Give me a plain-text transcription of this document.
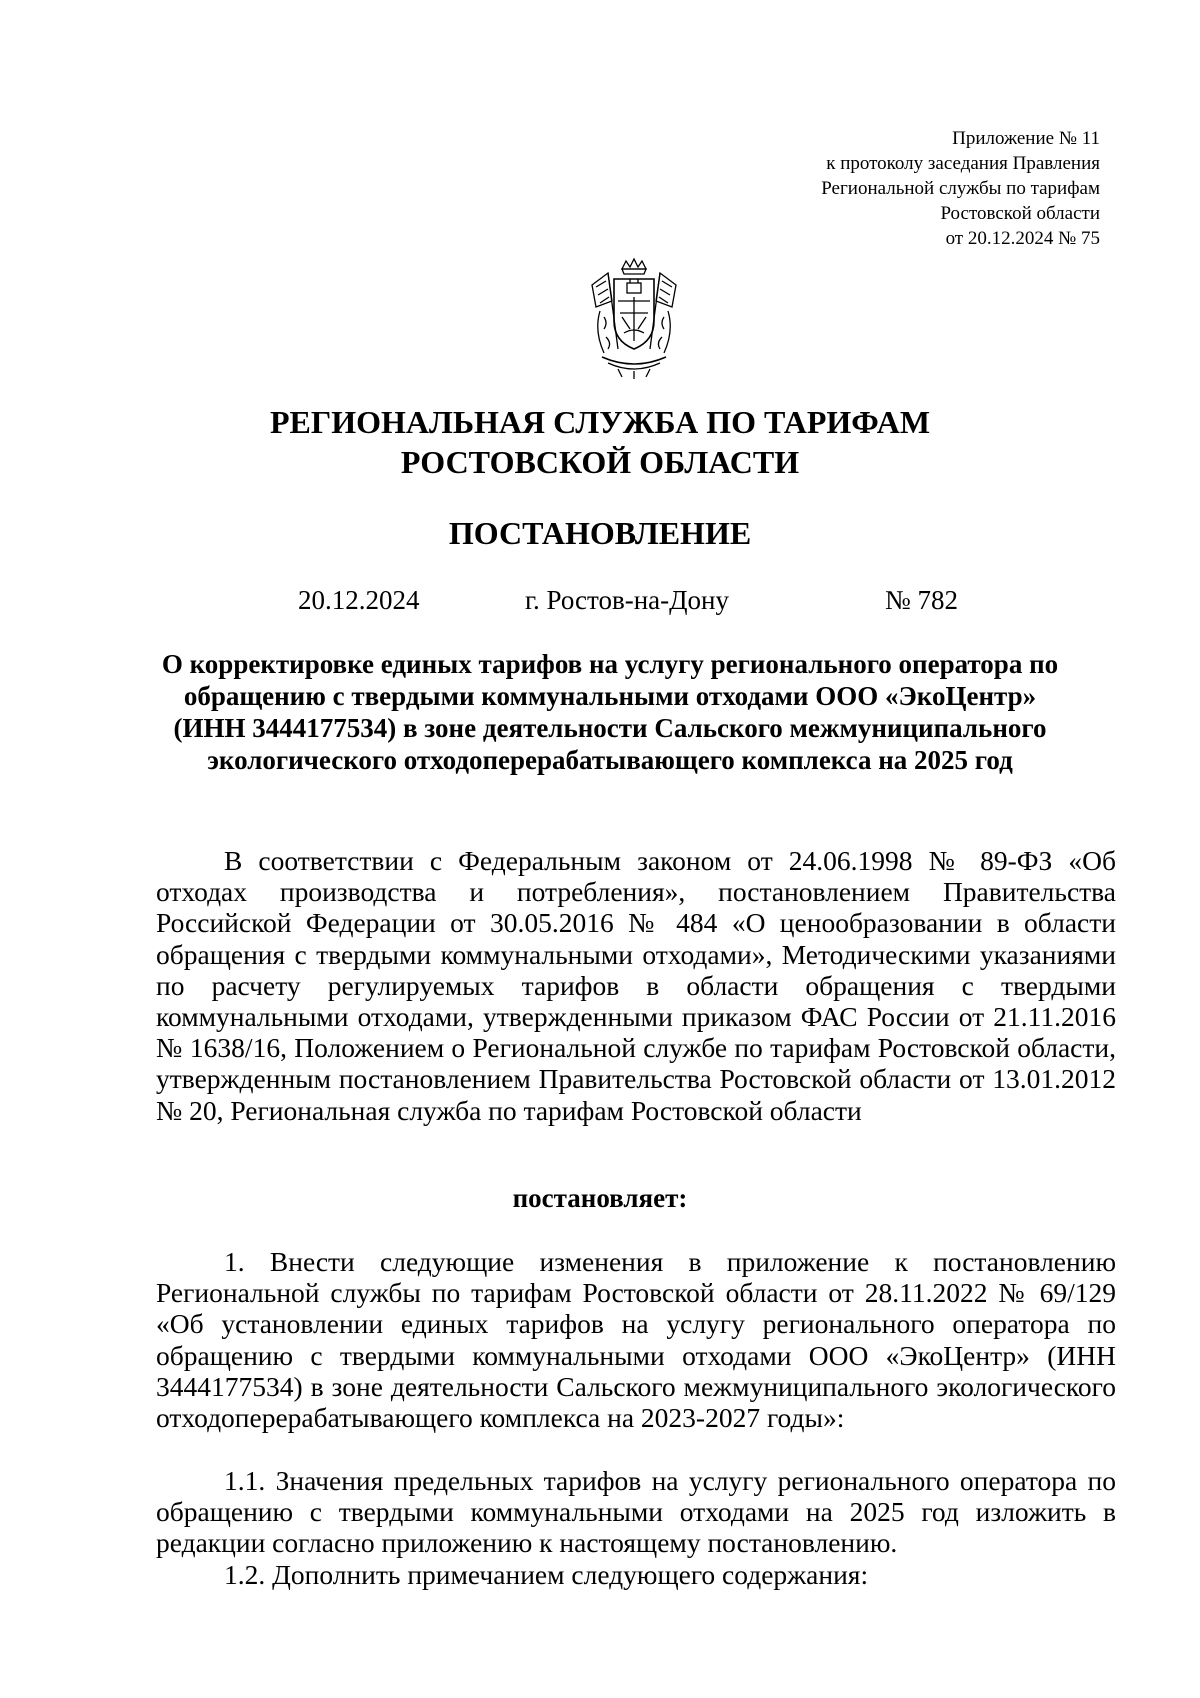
Приложение № 11
к протоколу заседания Правления
Региональной службы по тарифам
Ростовской области
от 20.12.2024 № 75
РЕГИОНАЛЬНАЯ СЛУЖБА ПО ТАРИФАМ
РОСТОВСКОЙ ОБЛАСТИ
ПОСТАНОВЛЕНИЕ
20.12.2024	г. Ростов-на-Дону	№ 782
О корректировке единых тарифов на услугу регионального оператора по обращению с твердыми коммунальными отходами ООО «ЭкоЦентр» (ИНН 3444177534) в зоне деятельности Сальского межмуниципального экологического отходоперерабатывающего комплекса на 2025 год
В соответствии с Федеральным законом от 24.06.1998 № 89-ФЗ «Об отходах производства и потребления», постановлением Правительства Российской Федерации от 30.05.2016 № 484 «О ценообразовании в области обращения с твердыми коммунальными отходами», Методическими указаниями по расчету регулируемых тарифов в области обращения с твердыми коммунальными отходами, утвержденными приказом ФАС России от 21.11.2016 № 1638/16, Положением о Региональной службе по тарифам Ростовской области, утвержденным постановлением Правительства Ростовской области от 13.01.2012 № 20, Региональная служба по тарифам Ростовской области
постановляет:
1. Внести следующие изменения в приложение к постановлению Региональной службы по тарифам Ростовской области от 28.11.2022 № 69/129 «Об установлении единых тарифов на услугу регионального оператора по обращению с твердыми коммунальными отходами ООО «ЭкоЦентр» (ИНН 3444177534) в зоне деятельности Сальского межмуниципального экологического отходоперерабатывающего комплекса на 2023-2027 годы»:
1.1. Значения предельных тарифов на услугу регионального оператора по обращению с твердыми коммунальными отходами на 2025 год изложить в редакции согласно приложению к настоящему постановлению.
1.2. Дополнить примечанием следующего содержания:
